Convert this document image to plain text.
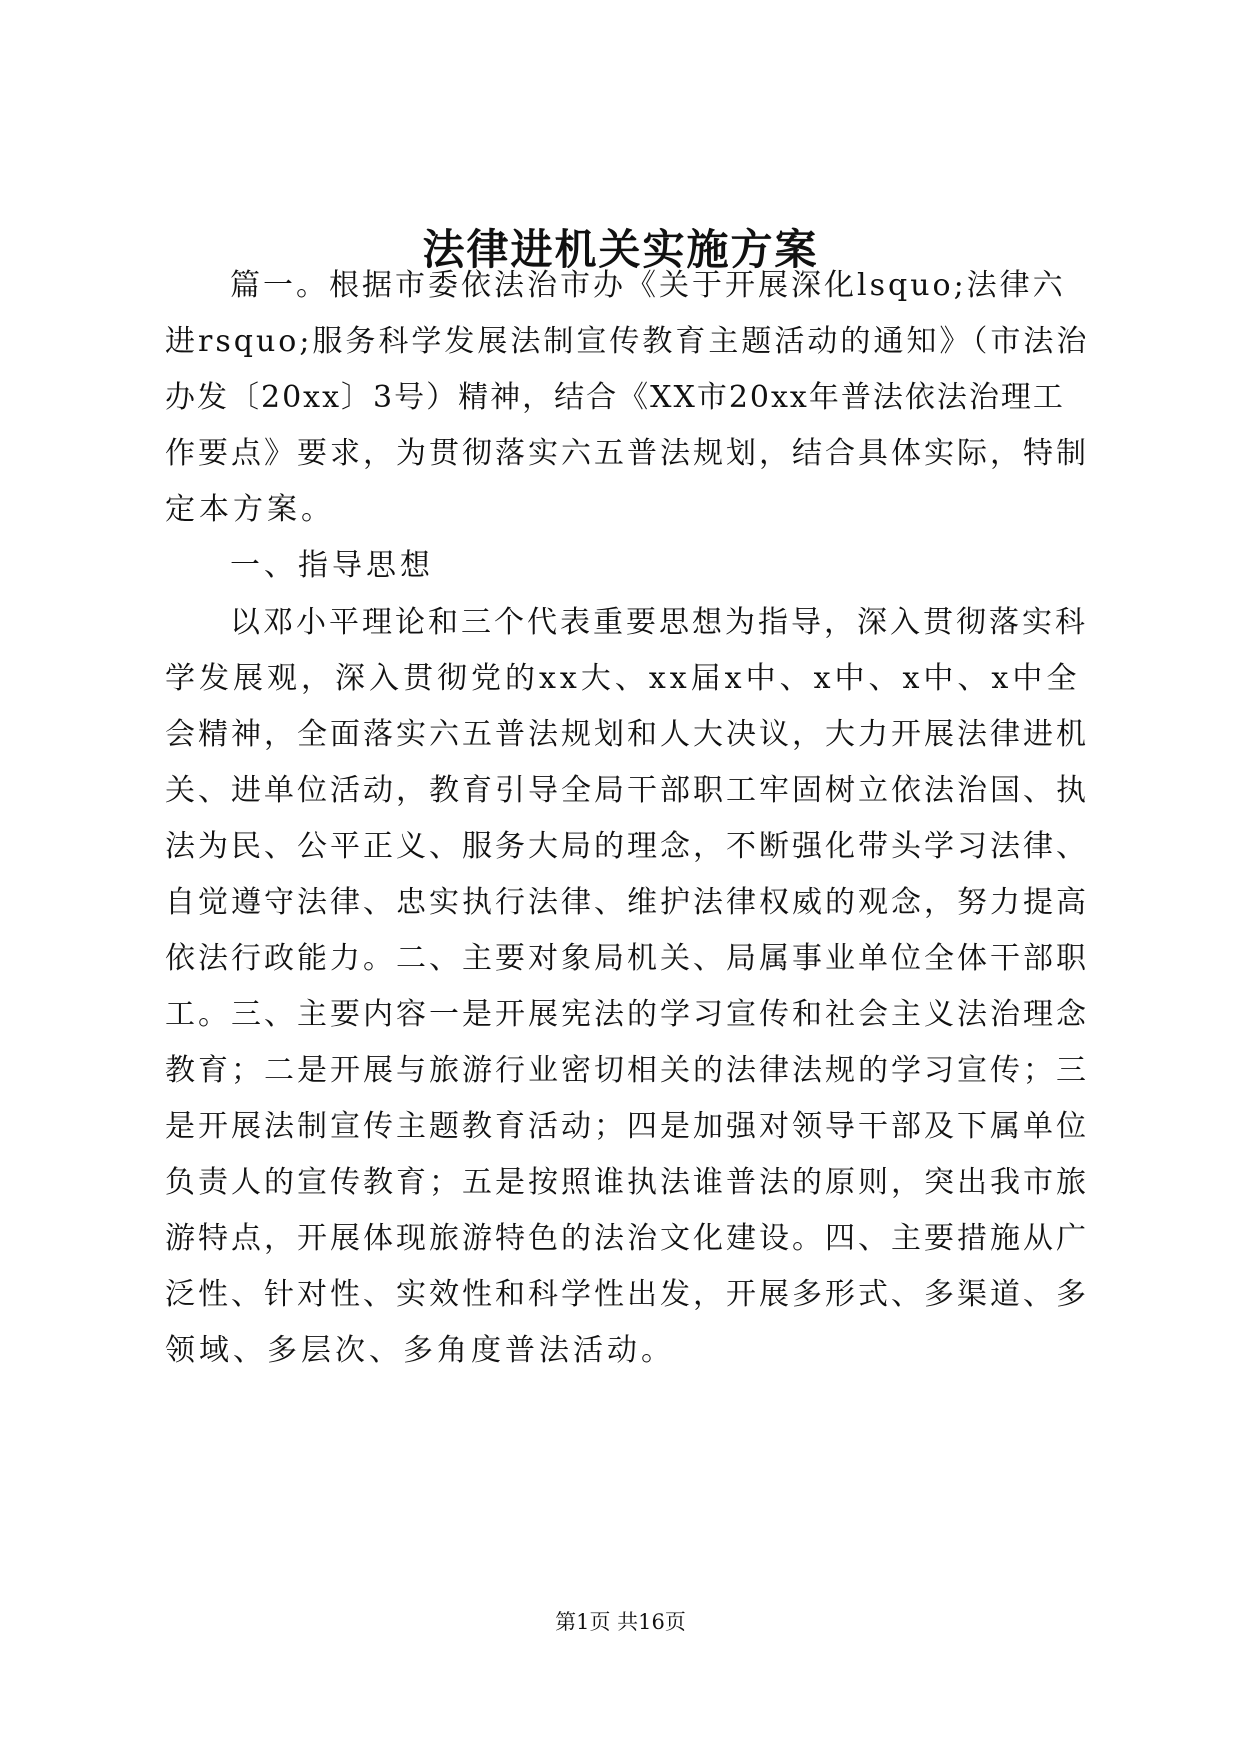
法律进机关实施方案
篇一。根据市委依法治市办《关于开展深化lsquo;法律六
进rsquo;服务科学发展法制宣传教育主题活动的通知》（市法治
办发〔20xx〕3号）精神，结合《XX市20xx年普法依法治理工
作要点》要求，为贯彻落实六五普法规划，结合具体实际，特制
定本方案。
一、指导思想
以邓小平理论和三个代表重要思想为指导，深入贯彻落实科
学发展观，深入贯彻党的xx大、xx届x中、x中、x中、x中全
会精神，全面落实六五普法规划和人大决议，大力开展法律进机
关、进单位活动，教育引导全局干部职工牢固树立依法治国、执
法为民、公平正义、服务大局的理念，不断强化带头学习法律、
自觉遵守法律、忠实执行法律、维护法律权威的观念，努力提高
依法行政能力。二、主要对象局机关、局属事业单位全体干部职
工。三、主要内容一是开展宪法的学习宣传和社会主义法治理念
教育；二是开展与旅游行业密切相关的法律法规的学习宣传；三
是开展法制宣传主题教育活动；四是加强对领导干部及下属单位
负责人的宣传教育；五是按照谁执法谁普法的原则，突出我市旅
游特点，开展体现旅游特色的法治文化建设。四、主要措施从广
泛性、针对性、实效性和科学性出发，开展多形式、多渠道、多
领域、多层次、多角度普法活动。
第1页 共16页
